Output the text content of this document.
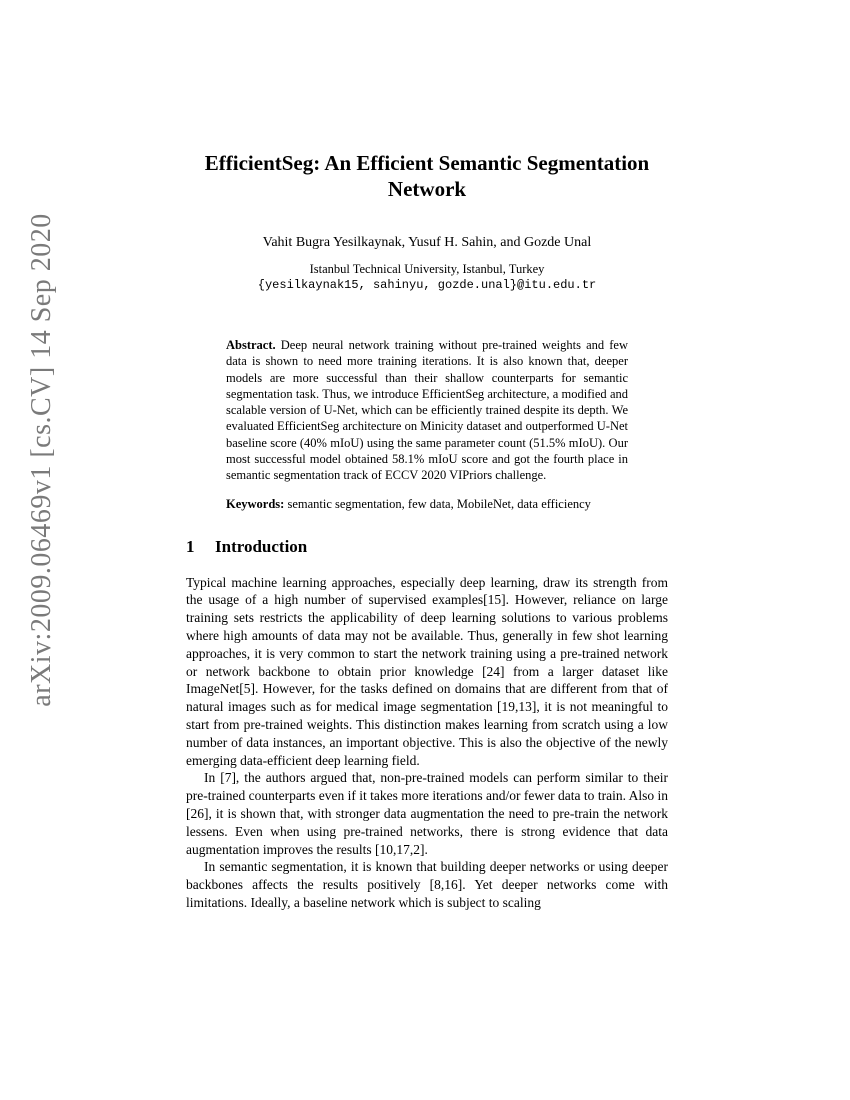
arXiv:2009.06469v1 [cs.CV] 14 Sep 2020
EfficientSeg: An Efficient Semantic Segmentation Network
Vahit Bugra Yesilkaynak, Yusuf H. Sahin, and Gozde Unal
Istanbul Technical University, Istanbul, Turkey
{yesilkaynak15, sahinyu, gozde.unal}@itu.edu.tr
Abstract. Deep neural network training without pre-trained weights and few data is shown to need more training iterations. It is also known that, deeper models are more successful than their shallow counterparts for semantic segmentation task. Thus, we introduce EfficientSeg architecture, a modified and scalable version of U-Net, which can be efficiently trained despite its depth. We evaluated EfficientSeg architecture on Minicity dataset and outperformed U-Net baseline score (40% mIoU) using the same parameter count (51.5% mIoU). Our most successful model obtained 58.1% mIoU score and got the fourth place in semantic segmentation track of ECCV 2020 VIPriors challenge.
Keywords: semantic segmentation, few data, MobileNet, data efficiency
1	Introduction

Typical machine learning approaches, especially deep learning, draw its strength from the usage of a high number of supervised examples[15]. However, reliance on large training sets restricts the applicability of deep learning solutions to various problems where high amounts of data may not be available. Thus, generally in few shot learning approaches, it is very common to start the network training using a pre-trained network or network backbone to obtain prior knowledge [24] from a larger dataset like ImageNet[5]. However, for the tasks defined on domains that are different from that of natural images such as for medical image segmentation [19,13], it is not meaningful to start from pre-trained weights. This distinction makes learning from scratch using a low number of data instances, an important objective. This is also the objective of the newly emerging data-efficient deep learning field.

In [7], the authors argued that, non-pre-trained models can perform similar to their pre-trained counterparts even if it takes more iterations and/or fewer data to train. Also in [26], it is shown that, with stronger data augmentation the need to pre-train the network lessens. Even when using pre-trained networks, there is strong evidence that data augmentation improves the results [10,17,2].

In semantic segmentation, it is known that building deeper networks or using deeper backbones affects the results positively [8,16]. Yet deeper networks come with limitations. Ideally, a baseline network which is subject to scaling
